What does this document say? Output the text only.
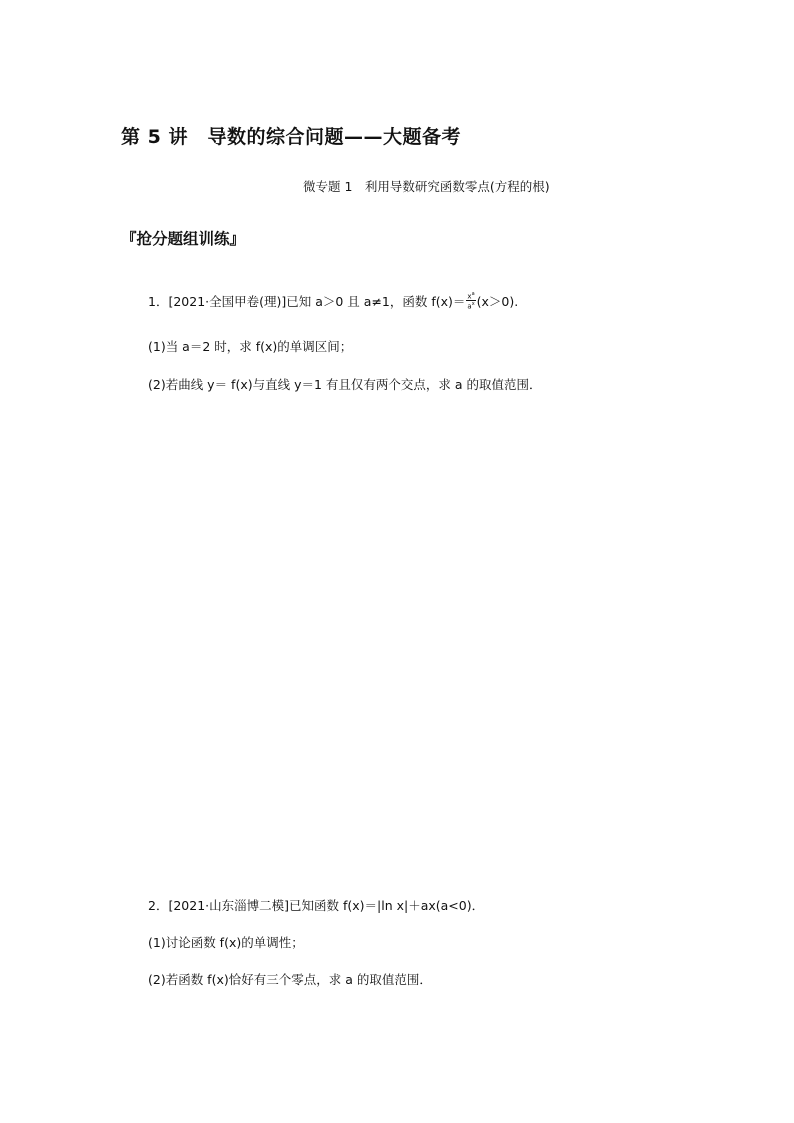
第 5 讲　导数的综合问题——大题备考
微专题 1　利用导数研究函数零点(方程的根)
『抢分题组训练』
1．[2021·全国甲卷(理)]已知 a＞0 且 a≠1，函数 $f(x)= \frac{x^a}{a^x} (x>0)$.
(1)当 a＝2 时，求 f(x)的单调区间；
(2)若曲线 y＝ f(x)与直线 y＝1 有且仅有两个交点，求 a 的取值范围．
2．[2021·山东淄博二模]已知函数 f(x)＝|ln x|＋ax(a<0)．
(1)讨论函数 f(x)的单调性；
(2)若函数 f(x)恰好有三个零点，求 a 的取值范围．
